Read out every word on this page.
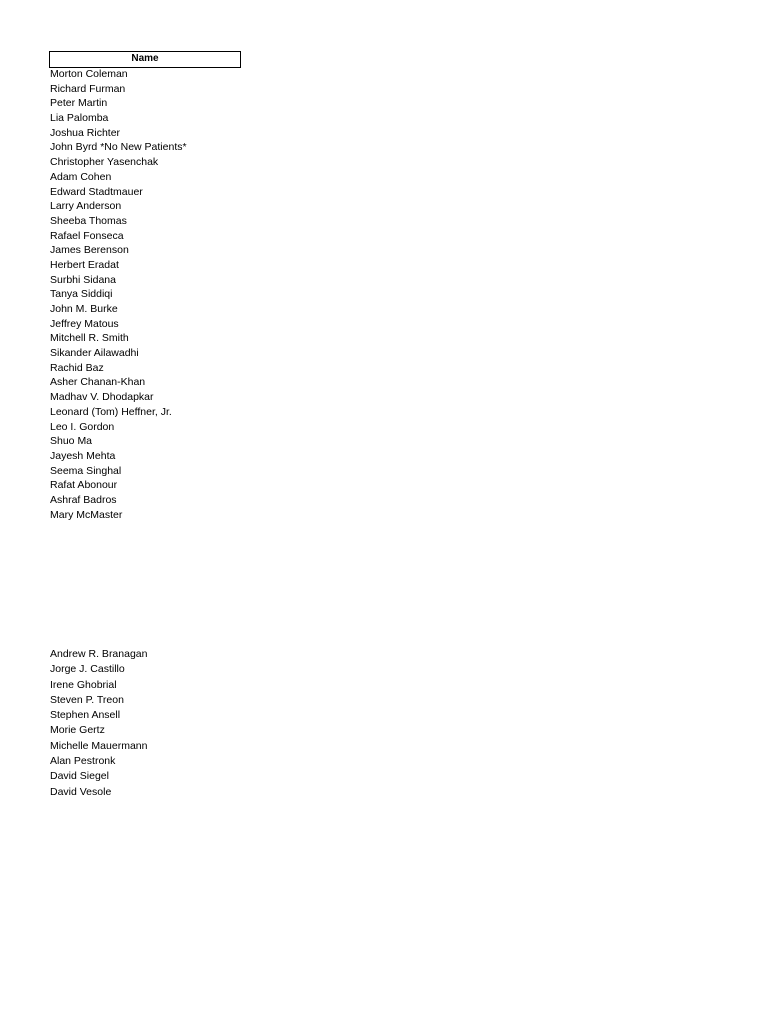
Name
Morton Coleman
Richard Furman
Peter Martin
Lia Palomba
Joshua Richter
John Byrd *No New Patients*
Christopher Yasenchak
Adam Cohen
Edward Stadtmauer
Larry Anderson
Sheeba Thomas
Rafael Fonseca
James Berenson
Herbert Eradat
Surbhi Sidana
Tanya Siddiqi
John M. Burke
Jeffrey Matous
Mitchell R. Smith
Sikander Ailawadhi
Rachid Baz
Asher Chanan-Khan
Madhav V. Dhodapkar
Leonard (Tom) Heffner, Jr.
Leo I. Gordon
Shuo Ma
Jayesh Mehta
Seema Singhal
Rafat Abonour
Ashraf Badros
Mary McMaster
Andrew R. Branagan
Jorge J. Castillo
Irene Ghobrial
Steven P. Treon
Stephen Ansell
Morie Gertz
Michelle Mauermann
Alan Pestronk
David Siegel
David Vesole
